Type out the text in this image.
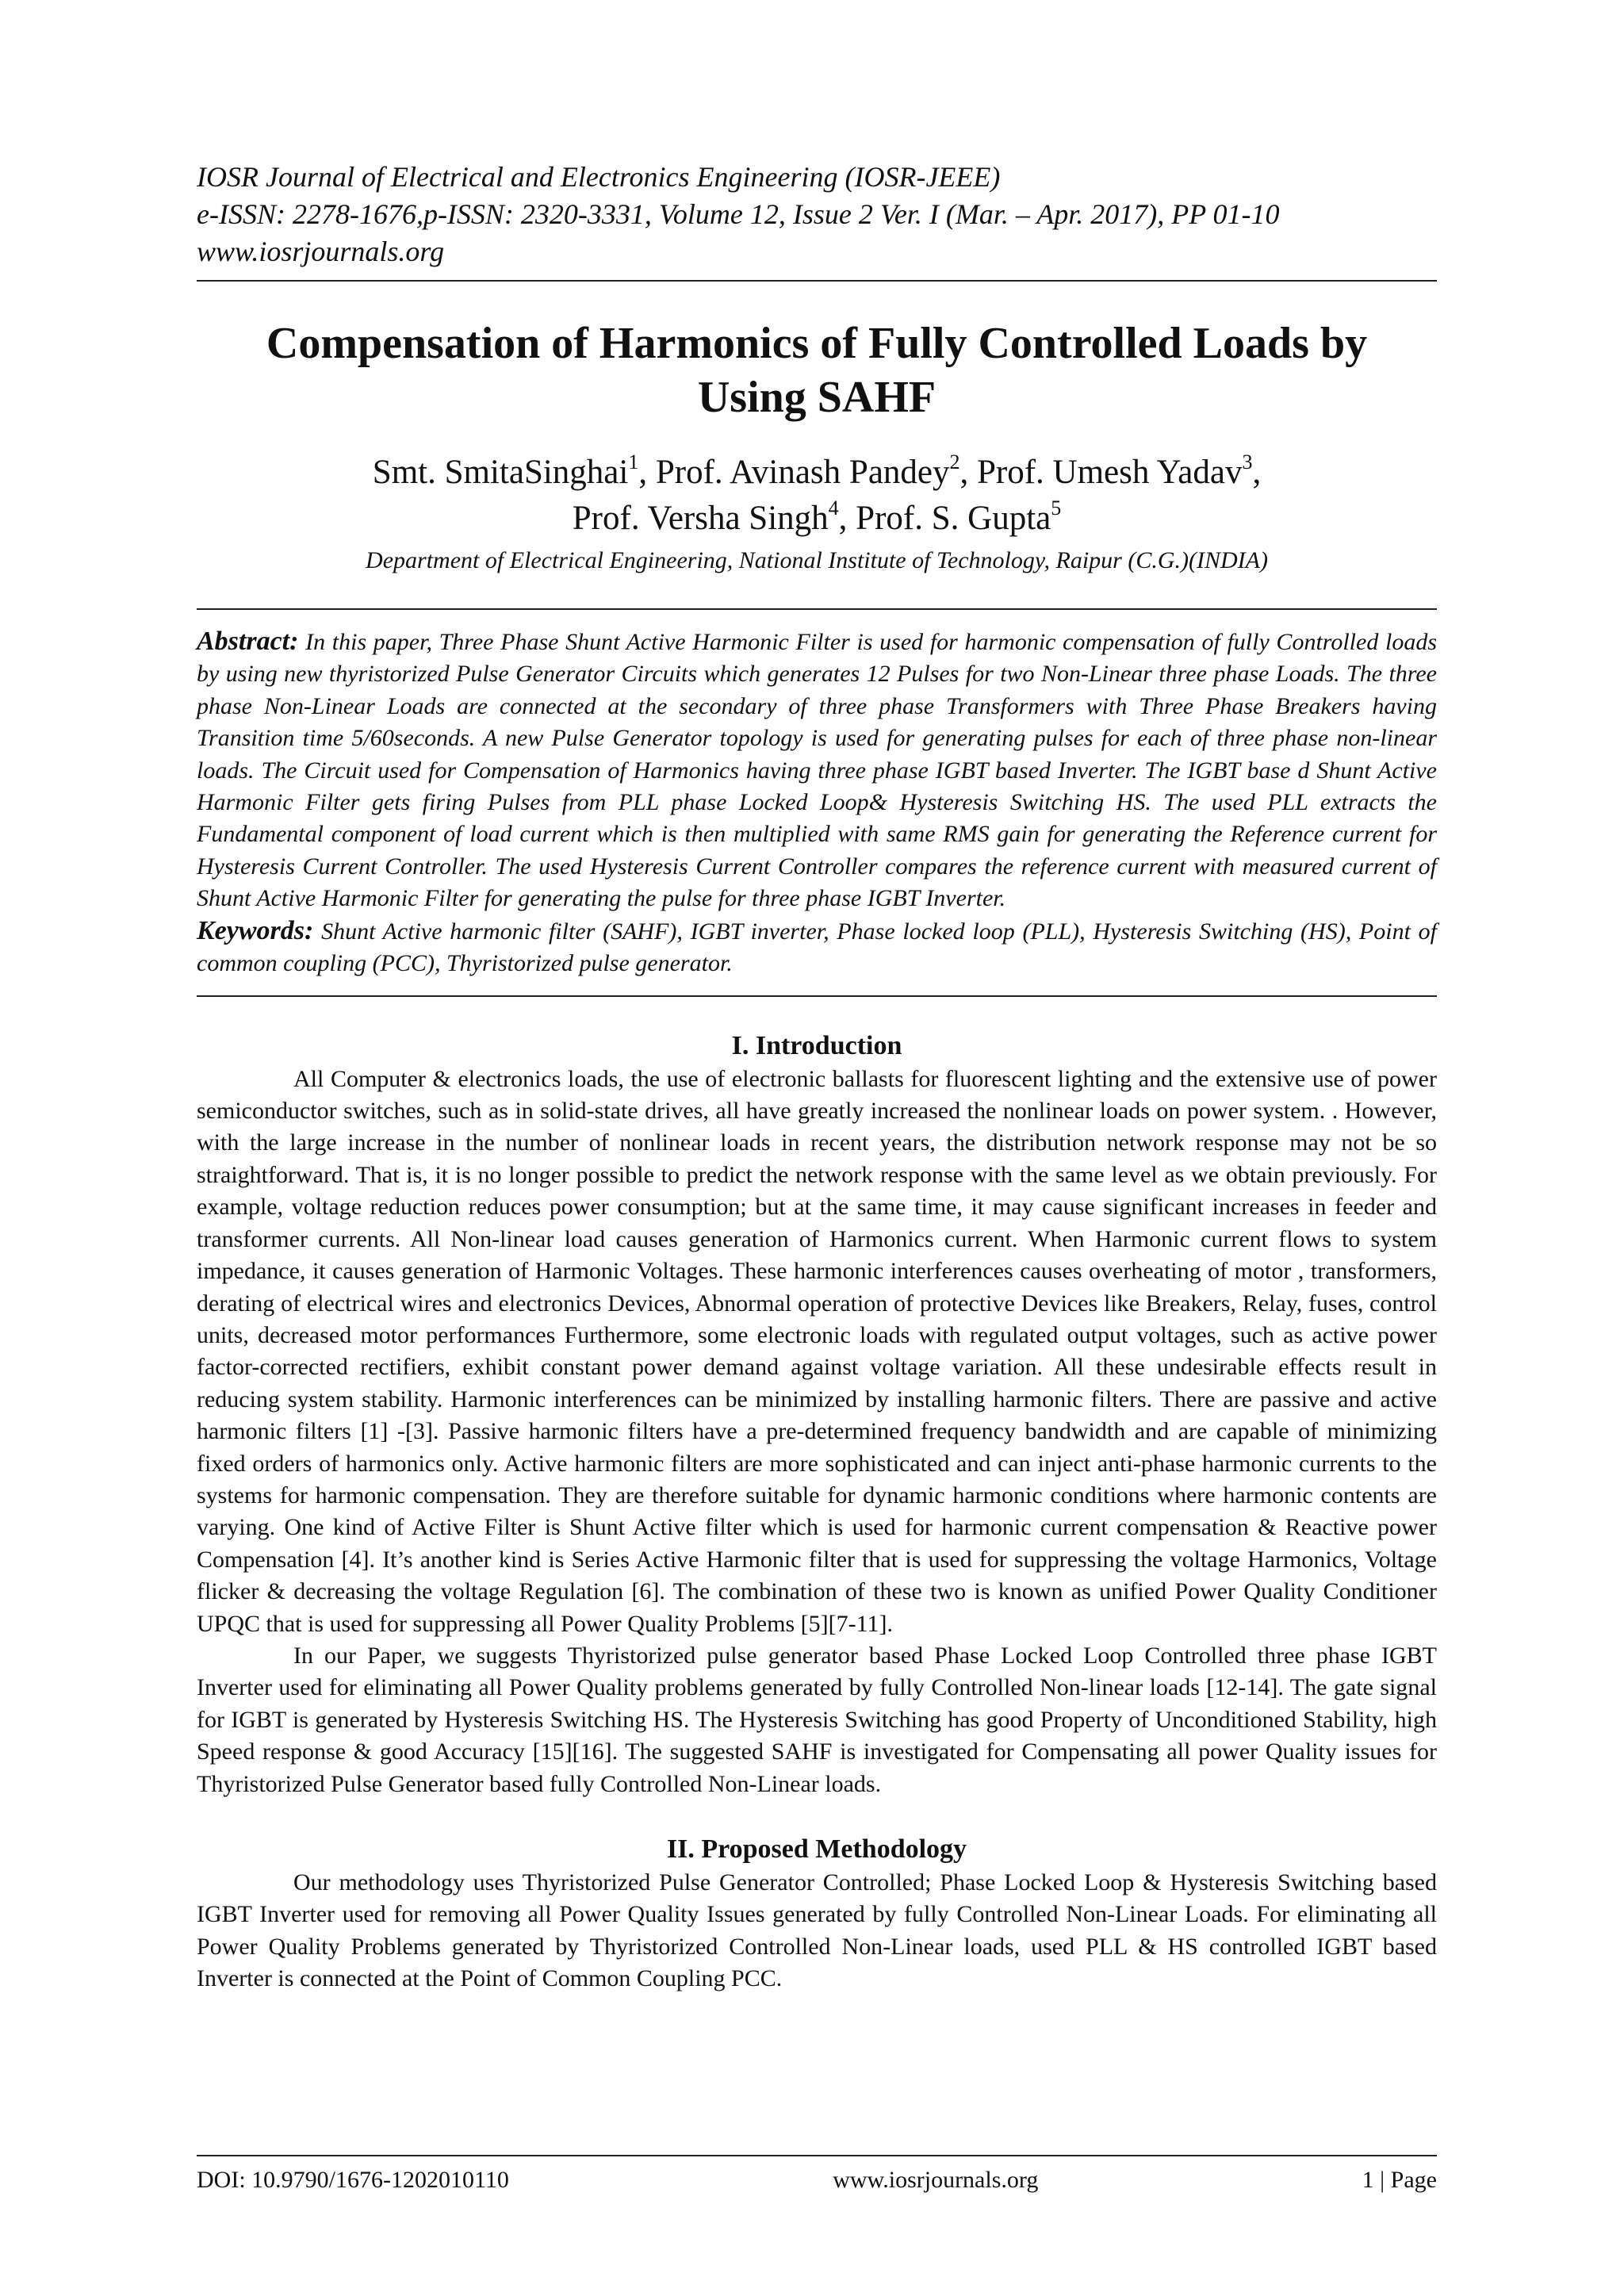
IOSR Journal of Electrical and Electronics Engineering (IOSR-JEEE)
e-ISSN: 2278-1676,p-ISSN: 2320-3331, Volume 12, Issue 2 Ver. I (Mar. – Apr. 2017), PP 01-10
www.iosrjournals.org
Compensation of Harmonics of Fully Controlled Loads by
Using SAHF
Smt. SmitaSinghai$^1$, Prof. Avinash Pandey$^2$, Prof. Umesh Yadav$^3$,
Prof. Versha Singh$^4$, Prof. S. Gupta$^5$
Department of Electrical Engineering, National Institute of Technology, Raipur (C.G.)(INDIA)

Abstract: In this paper, Three Phase Shunt Active Harmonic Filter is used for harmonic compensation of fully Controlled loads by using new thyristorized Pulse Generator Circuits which generates 12 Pulses for two Non-Linear three phase Loads. The three phase Non-Linear Loads are connected at the secondary of three phase Transformers with Three Phase Breakers having Transition time 5/60seconds. A new Pulse Generator topology is used for generating pulses for each of three phase non-linear loads. The Circuit used for Compensation of Harmonics having three phase IGBT based Inverter. The IGBT base d Shunt Active Harmonic Filter gets firing Pulses from PLL phase Locked Loop& Hysteresis Switching HS. The used PLL extracts the Fundamental component of load current which is then multiplied with same RMS gain for generating the Reference current for Hysteresis Current Controller. The used Hysteresis Current Controller compares the reference current with measured current of Shunt Active Harmonic Filter for generating the pulse for three phase IGBT Inverter.

Keywords: Shunt Active harmonic filter (SAHF), IGBT inverter, Phase locked loop (PLL), Hysteresis Switching (HS), Point of common coupling (PCC), Thyristorized pulse generator.

I. Introduction

All Computer & electronics loads, the use of electronic ballasts for fluorescent lighting and the extensive use of power semiconductor switches, such as in solid-state drives, all have greatly increased the nonlinear loads on power system. . However, with the large increase in the number of nonlinear loads in recent years, the distribution network response may not be so straightforward. That is, it is no longer possible to predict the network response with the same level as we obtain previously. For example, voltage reduction reduces power consumption; but at the same time, it may cause significant increases in feeder and transformer currents. All Non-linear load causes generation of Harmonics current. When Harmonic current flows to system impedance, it causes generation of Harmonic Voltages. These harmonic interferences causes overheating of motor , transformers, derating of electrical wires and electronics Devices, Abnormal operation of protective Devices like Breakers, Relay, fuses, control units, decreased motor performances Furthermore, some electronic loads with regulated output voltages, such as active power factor-corrected rectifiers, exhibit constant power demand against voltage variation. All these undesirable effects result in reducing system stability. Harmonic interferences can be minimized by installing harmonic filters. There are passive and active harmonic filters [1] -[3]. Passive harmonic filters have a pre-determined frequency bandwidth and are capable of minimizing fixed orders of harmonics only. Active harmonic filters are more sophisticated and can inject anti-phase harmonic currents to the systems for harmonic compensation. They are therefore suitable for dynamic harmonic conditions where harmonic contents are varying. One kind of Active Filter is Shunt Active filter which is used for harmonic current compensation & Reactive power Compensation [4]. It’s another kind is Series Active Harmonic filter that is used for suppressing the voltage Harmonics, Voltage flicker & decreasing the voltage Regulation [6]. The combination of these two is known as unified Power Quality Conditioner UPQC that is used for suppressing all Power Quality Problems [5][7-11].

In our Paper, we suggests Thyristorized pulse generator based Phase Locked Loop Controlled three phase IGBT Inverter used for eliminating all Power Quality problems generated by fully Controlled Non-linear loads [12-14]. The gate signal for IGBT is generated by Hysteresis Switching HS. The Hysteresis Switching has good Property of Unconditioned Stability, high Speed response & good Accuracy [15][16]. The suggested SAHF is investigated for Compensating all power Quality issues for Thyristorized Pulse Generator based fully Controlled Non-Linear loads.

II. Proposed Methodology

Our methodology uses Thyristorized Pulse Generator Controlled; Phase Locked Loop & Hysteresis Switching based IGBT Inverter used for removing all Power Quality Issues generated by fully Controlled Non-Linear Loads. For eliminating all Power Quality Problems generated by Thyristorized Controlled Non-Linear loads, used PLL & HS controlled IGBT based Inverter is connected at the Point of Common Coupling PCC.

DOI: 10.9790/1676-1202010110	www.iosrjournals.org	1 | Page
